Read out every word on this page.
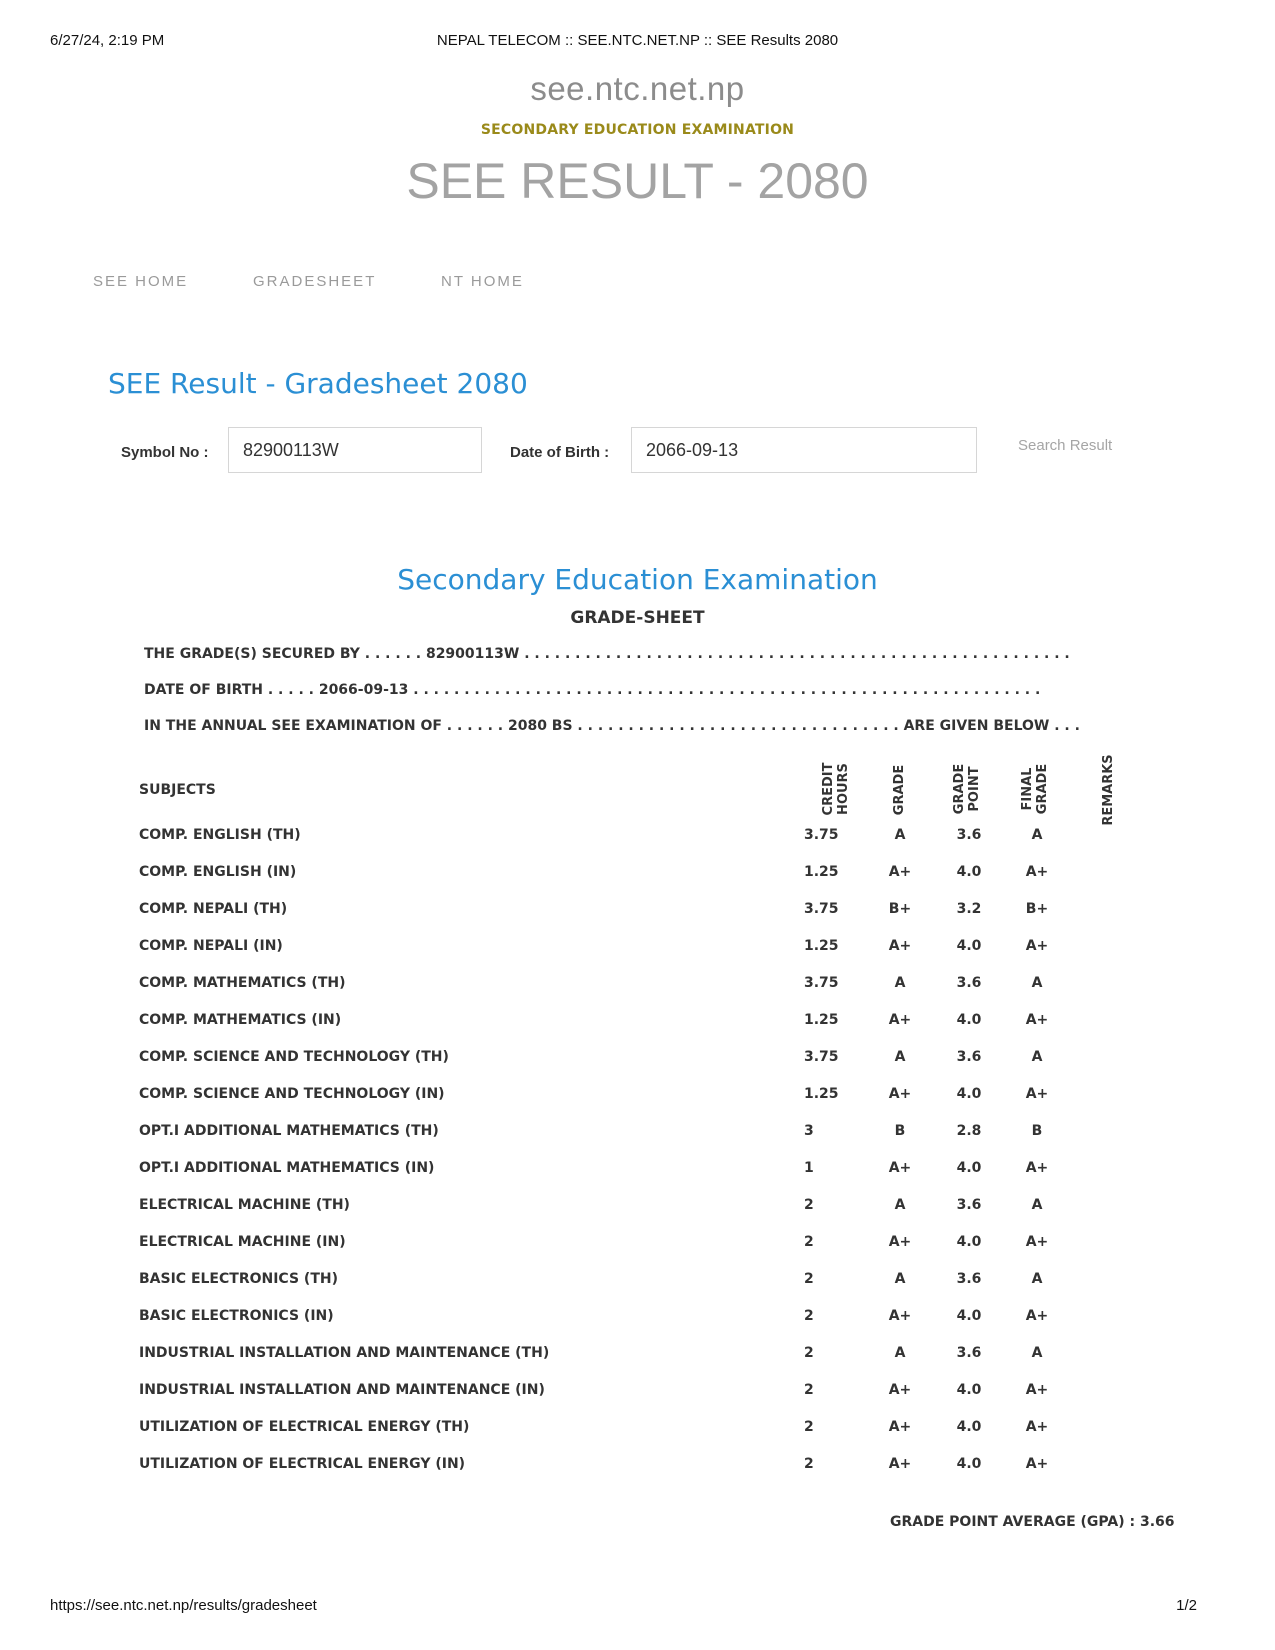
6/27/24, 2:19 PM	NEPAL TELECOM :: SEE.NTC.NET.NP :: SEE Results 2080
see.ntc.net.np
SECONDARY EDUCATION EXAMINATION
SEE RESULT - 2080
SEE HOME	GRADESHEET	NT HOME
SEE Result - Gradesheet 2080
Symbol No :	82900113W	Date of Birth :	2066-09-13	Search Result
Secondary Education Examination
GRADE-SHEET
THE GRADE(S) SECURED BY . . . . . . 82900113W . . . . . . . . . . . . . . . . . . . . . . . . . . . . . . . . . . . . . . . . . . . . . . . . . . . . . .
DATE OF BIRTH . . . . . 2066-09-13 . . . . . . . . . . . . . . . . . . . . . . . . . . . . . . . . . . . . . . . . . . . . . . . . . . . . . . . . . . . . . .
IN THE ANNUAL SEE EXAMINATION OF . . . . . . 2080 BS . . . . . . . . . . . . . . . . . . . . . . . . . . . . . . . . ARE GIVEN BELOW . . .
SUBJECTS	CREDIT HOURS	GRADE	GRADE POINT	FINAL GRADE	REMARKS
COMP. ENGLISH (TH)	3.75	A	3.6	A
COMP. ENGLISH (IN)	1.25	A+	4.0	A+
COMP. NEPALI (TH)	3.75	B+	3.2	B+
COMP. NEPALI (IN)	1.25	A+	4.0	A+
COMP. MATHEMATICS (TH)	3.75	A	3.6	A
COMP. MATHEMATICS (IN)	1.25	A+	4.0	A+
COMP. SCIENCE AND TECHNOLOGY (TH)	3.75	A	3.6	A
COMP. SCIENCE AND TECHNOLOGY (IN)	1.25	A+	4.0	A+
OPT.I ADDITIONAL MATHEMATICS (TH)	3	B	2.8	B
OPT.I ADDITIONAL MATHEMATICS (IN)	1	A+	4.0	A+
ELECTRICAL MACHINE (TH)	2	A	3.6	A
ELECTRICAL MACHINE (IN)	2	A+	4.0	A+
BASIC ELECTRONICS (TH)	2	A	3.6	A
BASIC ELECTRONICS (IN)	2	A+	4.0	A+
INDUSTRIAL INSTALLATION AND MAINTENANCE (TH)	2	A	3.6	A
INDUSTRIAL INSTALLATION AND MAINTENANCE (IN)	2	A+	4.0	A+
UTILIZATION OF ELECTRICAL ENERGY (TH)	2	A+	4.0	A+
UTILIZATION OF ELECTRICAL ENERGY (IN)	2	A+	4.0	A+
GRADE POINT AVERAGE (GPA) : 3.66
https://see.ntc.net.np/results/gradesheet	1/2
